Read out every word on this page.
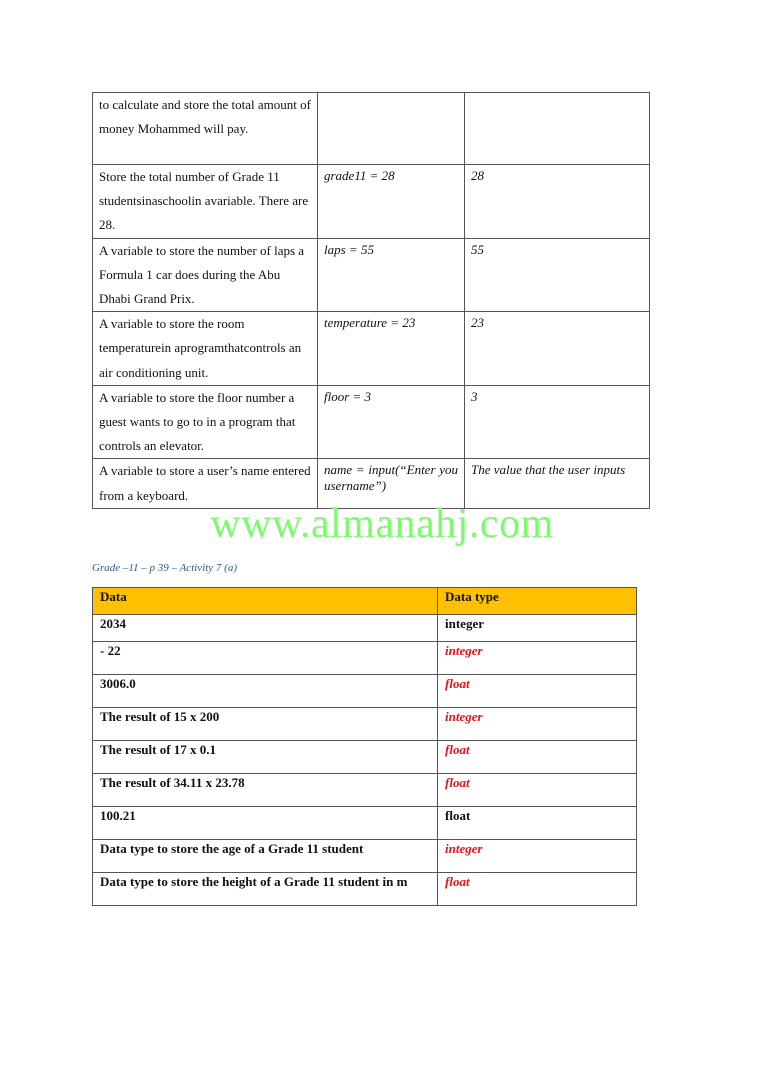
to calculate and store the total amount of money Mohammed will pay.		
Store the total number of Grade 11 studentsinaschoolin avariable. There are 28.	grade11 = 28	28
A variable to store the number of laps a Formula 1 car does during the Abu Dhabi Grand Prix.	laps = 55	55
A variable to store the room temperaturein aprogramthatcontrols an air conditioning unit.	temperature = 23	23
A variable to store the floor number a guest wants to go to in a program that controls an elevator.	floor = 3	3
A variable to store a user’s name entered from a keyboard.	name = input(“Enter you username”)	The value that the user inputs
www.almanahj.com
Grade –11 – p 39 – Activity 7 (a)
Data	Data type
2034	integer
- 22	integer
3006.0	float
The result of 15 x 200	integer
The result of 17 x 0.1	float
The result of 34.11 x 23.78	float
100.21	float
Data type to store the age of a Grade 11 student	integer
Data type to store the height of a Grade 11 student in m	float
